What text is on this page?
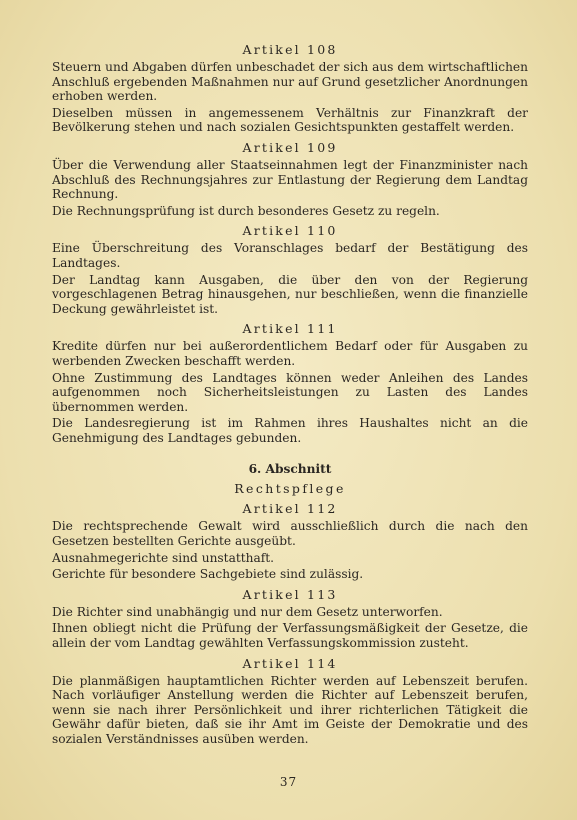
Artikel 108

Steuern und Abgaben dürfen unbeschadet der sich aus dem wirtschaftlichen Anschluß ergebenden Maßnahmen nur auf Grund gesetzlicher Anordnungen erhoben werden.

Dieselben müssen in angemessenem Verhältnis zur Finanzkraft der Bevölkerung stehen und nach sozialen Gesichtspunkten gestaffelt werden.

Artikel 109

Über die Verwendung aller Staatseinnahmen legt der Finanzminister nach Abschluß des Rechnungsjahres zur Entlastung der Regierung dem Landtag Rechnung.

Die Rechnungsprüfung ist durch besonderes Gesetz zu regeln.

Artikel 110

Eine Überschreitung des Voranschlages bedarf der Bestätigung des Landtages.

Der Landtag kann Ausgaben, die über den von der Regierung vorgeschlagenen Betrag hinausgehen, nur beschließen, wenn die finanzielle Deckung gewährleistet ist.

Artikel 111

Kredite dürfen nur bei außerordentlichem Bedarf oder für Ausgaben zu werbenden Zwecken beschafft werden.

Ohne Zustimmung des Landtages können weder Anleihen des Landes aufgenommen noch Sicherheitsleistungen zu Lasten des Landes übernommen werden.

Die Landesregierung ist im Rahmen ihres Haushaltes nicht an die Genehmigung des Landtages gebunden.

6. Abschnitt
Rechtspflege
Artikel 112

Die rechtsprechende Gewalt wird ausschließlich durch die nach den Gesetzen bestellten Gerichte ausgeübt.

Ausnahmegerichte sind unstatthaft.

Gerichte für besondere Sachgebiete sind zulässig.

Artikel 113

Die Richter sind unabhängig und nur dem Gesetz unterworfen.

Ihnen obliegt nicht die Prüfung der Verfassungsmäßigkeit der Gesetze, die allein der vom Landtag gewählten Verfassungskommission zusteht.

Artikel 114

Die planmäßigen hauptamtlichen Richter werden auf Lebenszeit berufen. Nach vorläufiger Anstellung werden die Richter auf Lebenszeit berufen, wenn sie nach ihrer Persönlichkeit und ihrer richterlichen Tätigkeit die Gewähr dafür bieten, daß sie ihr Amt im Geiste der Demokratie und des sozialen Verständnisses ausüben werden.

37
